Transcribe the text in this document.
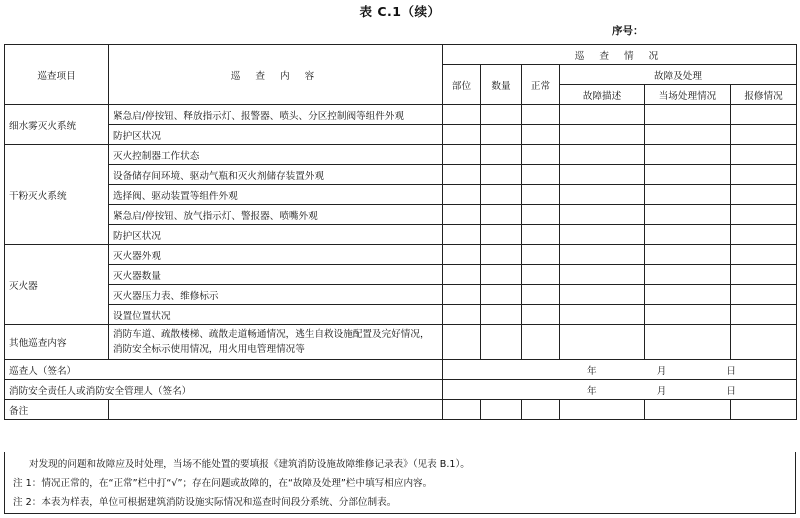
表 C.1（续）
序号：
巡查项目	巡 查 内 容	巡 查 情 况					
		部位	数量	正常	故障及处理		
					故障描述	当场处理情况	报修情况
细水雾灭火系统	紧急启/停按钮、释放指示灯、报警器、喷头、分区控制阀等组件外观						
	防护区状况						
干粉灭火系统	灭火控制器工作状态						
	设备储存间环境、驱动气瓶和灭火剂储存装置外观						
	选择阀、驱动装置等组件外观						
	紧急启/停按钮、放气指示灯、警报器、喷嘴外观						
	防护区状况						
灭火器	灭火器外观						
	灭火器数量						
	灭火器压力表、维修标示						
	设置位置状况						
其他巡查内容	消防车道、疏散楼梯、疏散走道畅通情况，逃生自救设施配置及完好情况，消防安全标示使用情况，用火用电管理情况等						
巡查人（签名）		年 月 日					

消防安全责任人或消防安全管理人（签名）		年 月 日					

备注							
对发现的问题和故障应及时处理，当场不能处置的要填报《建筑消防设施故障维修记录表》（见表 B.1）。
注 1：情况正常的，在“正常”栏中打“√”；存在问题或故障的，在“故障及处理”栏中填写相应内容。
注 2：本表为样表，单位可根据建筑消防设施实际情况和巡查时间段分系统、分部位制表。
